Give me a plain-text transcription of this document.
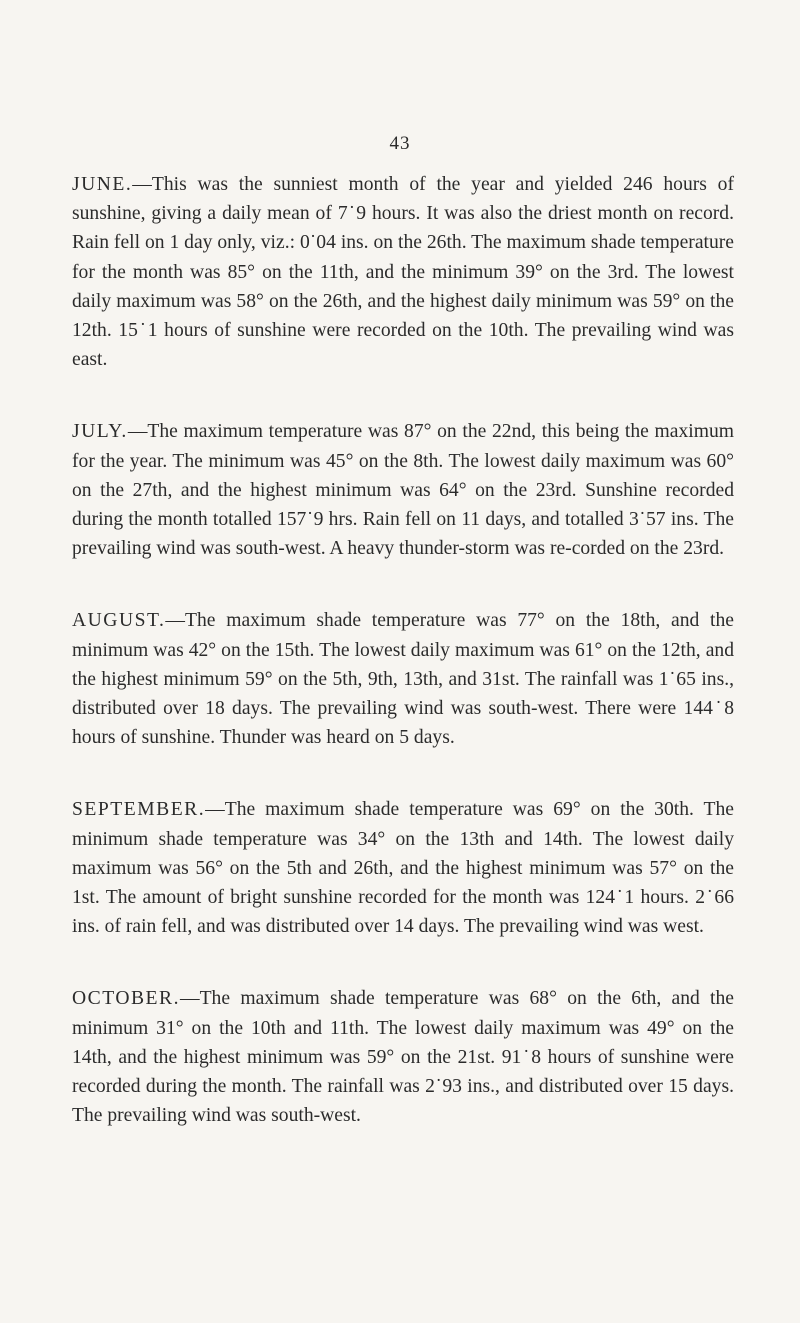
43

JUNE.—This was the sunniest month of the year and yielded 246 hours of sunshine, giving a daily mean of 7˙9 hours. It was also the driest month on record. Rain fell on 1 day only, viz.: 0˙04 ins. on the 26th. The maximum shade temperature for the month was 85° on the 11th, and the minimum 39° on the 3rd. The lowest daily maximum was 58° on the 26th, and the highest daily minimum was 59° on the 12th. 15˙1 hours of sunshine were recorded on the 10th. The prevailing wind was east.

JULY.—The maximum temperature was 87° on the 22nd, this being the maximum for the year. The minimum was 45° on the 8th. The lowest daily maximum was 60° on the 27th, and the highest minimum was 64° on the 23rd. Sunshine recorded during the month totalled 157˙9 hrs. Rain fell on 11 days, and totalled 3˙57 ins. The prevailing wind was south-west. A heavy thunder-storm was re-corded on the 23rd.

AUGUST.—The maximum shade temperature was 77° on the 18th, and the minimum was 42° on the 15th. The lowest daily maximum was 61° on the 12th, and the highest minimum 59° on the 5th, 9th, 13th, and 31st. The rainfall was 1˙65 ins., distributed over 18 days. The prevailing wind was south-west. There were 144˙8 hours of sunshine. Thunder was heard on 5 days.

SEPTEMBER.—The maximum shade temperature was 69° on the 30th. The minimum shade temperature was 34° on the 13th and 14th. The lowest daily maximum was 56° on the 5th and 26th, and the highest minimum was 57° on the 1st. The amount of bright sunshine recorded for the month was 124˙1 hours. 2˙66 ins. of rain fell, and was distributed over 14 days. The prevailing wind was west.

OCTOBER.—The maximum shade temperature was 68° on the 6th, and the minimum 31° on the 10th and 11th. The lowest daily maximum was 49° on the 14th, and the highest minimum was 59° on the 21st. 91˙8 hours of sunshine were recorded during the month. The rainfall was 2˙93 ins., and distributed over 15 days. The prevailing wind was south-west.
